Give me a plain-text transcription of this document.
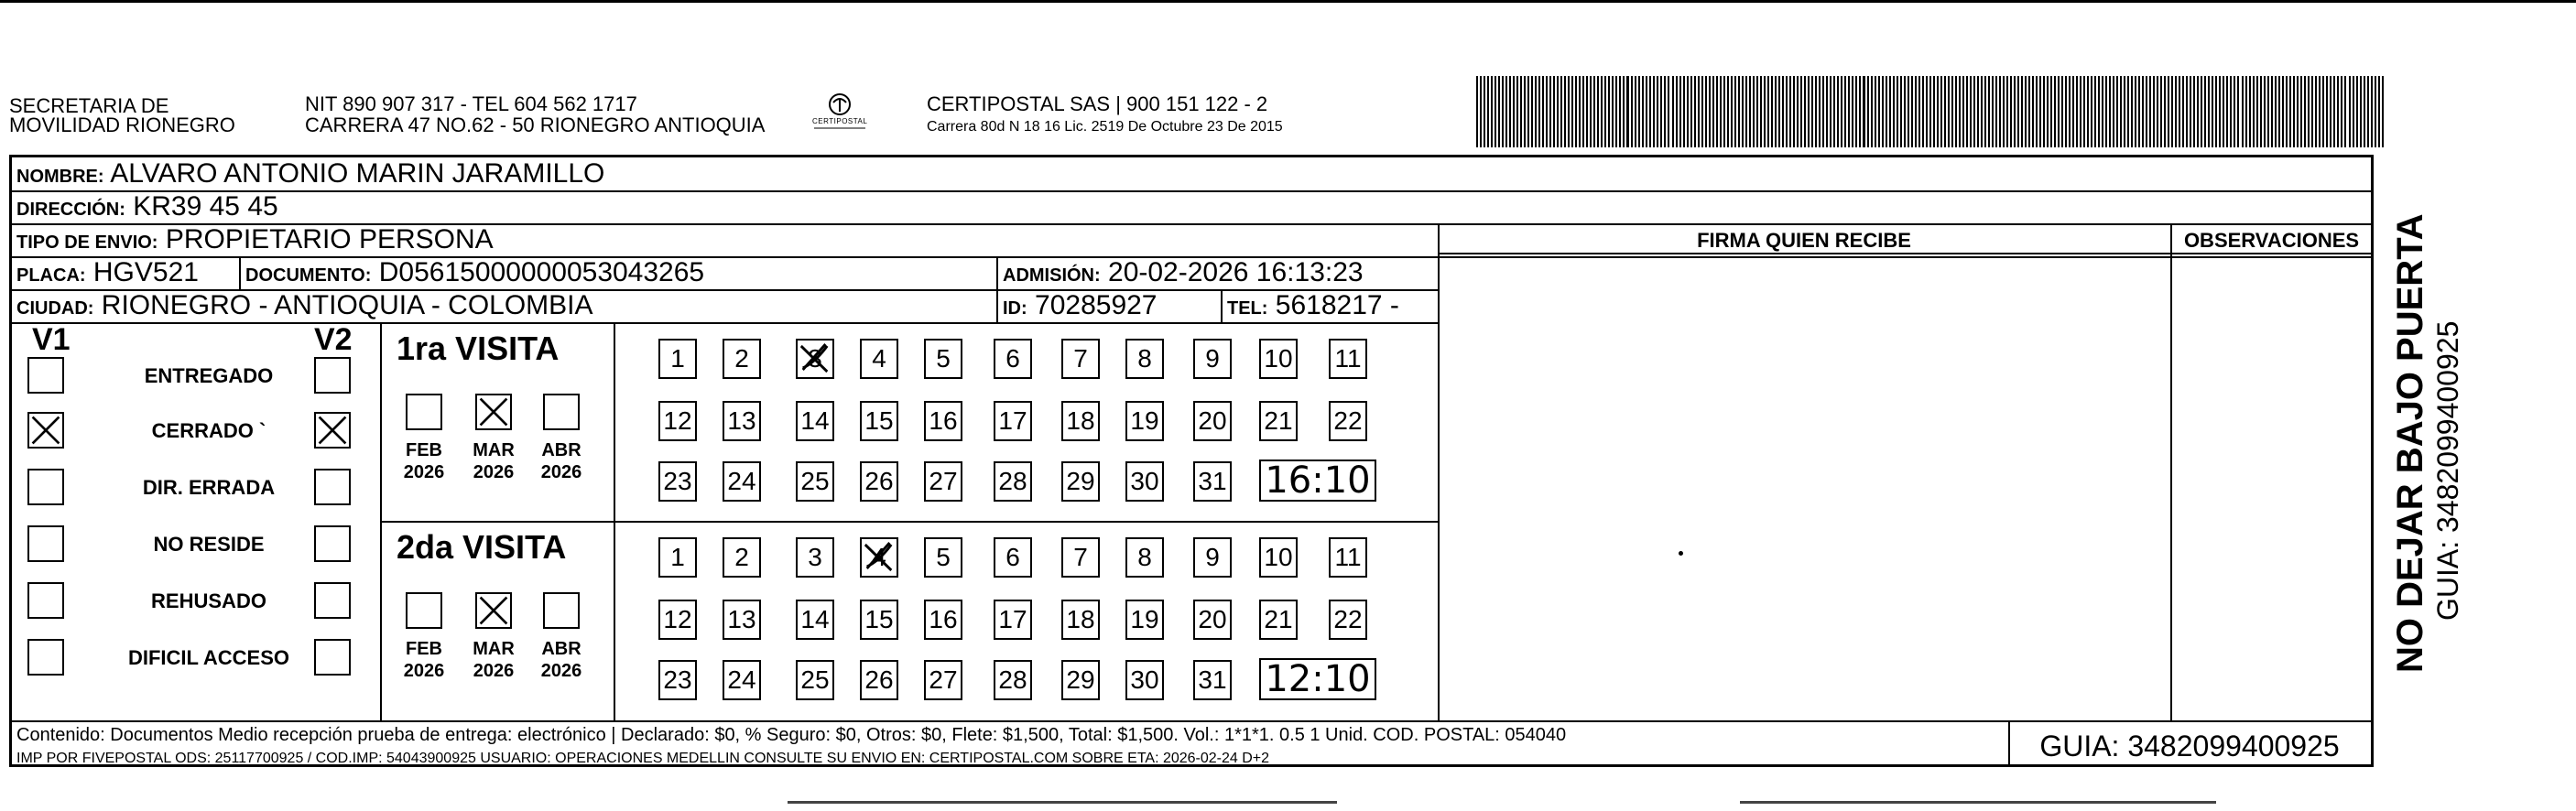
SECRETARIA DE
MOVILIDAD RIONEGRO
NIT 890 907 317 - TEL 604 562 1717
CARRERA 47 NO.62 - 50 RIONEGRO ANTIOQUIA	CERTIPOSTAL
CERTIPOSTAL SAS | 900 151 122 - 2
Carrera 80d N 18 16 Lic. 2519 De Octubre 23 De 2015
NOMBRE: ALVARO ANTONIO MARIN JARAMILLO
DIRECCIÓN: KR39 45 45
TIPO DE ENVIO: PROPIETARIO PERSONA
PLACA: HGV521	DOCUMENTO: D05615000000053043265	ADMISIÓN: 20-02-2026 16:13:23
CIUDAD: RIONEGRO - ANTIOQUIA - COLOMBIA	ID: 70285927	TEL: 5618217 -
FIRMA QUIEN RECIBE	OBSERVACIONES
V1	V2
ENTREGADO
CERRADO `
DIR. ERRADA
NO RESIDE
REHUSADO
DIFICIL ACCESO
1ra VISITA
FEB
2026
MAR
2026
ABR
2026
1	2	3	4	5	6	7	8	9	10 11
12 13 14 15 16 17 18 19 20 21 22
23 24 25 26 27 28 29 30 31 16:10
2da VISITA
FEB
2026
MAR
2026
ABR
2026
1	2	3	4	5	6	7	8	9	10 11
12 13 14 15 16 17 18 19 20 21 22
23 24 25 26 27 28 29 30 31 12:10
Contenido: Documentos Medio recepción prueba de entrega: electrónico | Declarado: $0, % Seguro: $0, Otros: $0, Flete: $1,500, Total: $1,500. Vol.: 1*1*1. 0.5 1 Unid. COD. POSTAL: 054040
IMP POR FIVEPOSTAL ODS: 25117700925 / COD.IMP: 54043900925 USUARIO: OPERACIONES MEDELLIN CONSULTE SU ENVIO EN: CERTIPOSTAL.COM SOBRE ETA: 2026-02-24 D+2	GUIA: 3482099400925
NO DEJAR BAJO PUERTA GUIA: 3482099400925
